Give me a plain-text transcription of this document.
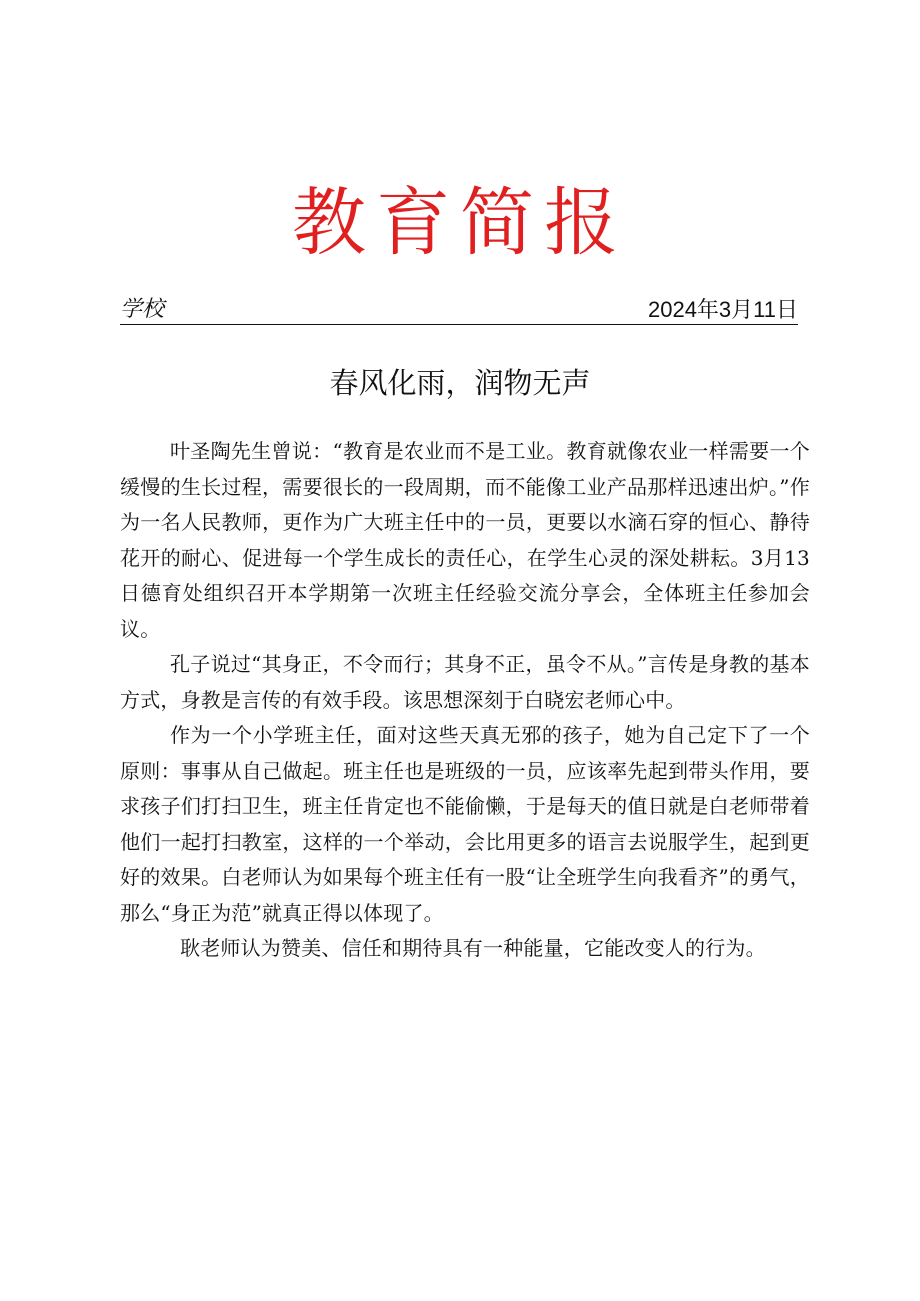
教育简报
学校	2024年3月11日
春风化雨，润物无声

叶圣陶先生曾说：“教育是农业而不是工业。教育就像农业一样需要一个缓慢的生长过程，需要很长的一段周期，而不能像工业产品那样迅速出炉。”作为一名人民教师，更作为广大班主任中的一员，更要以水滴石穿的恒心、静待花开的耐心、促进每一个学生成长的责任心，在学生心灵的深处耕耘。3月13日德育处组织召开本学期第一次班主任经验交流分享会，全体班主任参加会议。

孔子说过“其身正，不令而行；其身不正，虽令不从。”言传是身教的基本方式，身教是言传的有效手段。该思想深刻于白晓宏老师心中。

作为一个小学班主任，面对这些天真无邪的孩子，她为自己定下了一个原则：事事从自己做起。班主任也是班级的一员，应该率先起到带头作用，要求孩子们打扫卫生，班主任肯定也不能偷懒，于是每天的值日就是白老师带着他们一起打扫教室，这样的一个举动，会比用更多的语言去说服学生，起到更好的效果。白老师认为如果每个班主任有一股“让全班学生向我看齐”的勇气，那么“身正为范”就真正得以体现了。

耿老师认为赞美、信任和期待具有一种能量，它能改变人的行为。
